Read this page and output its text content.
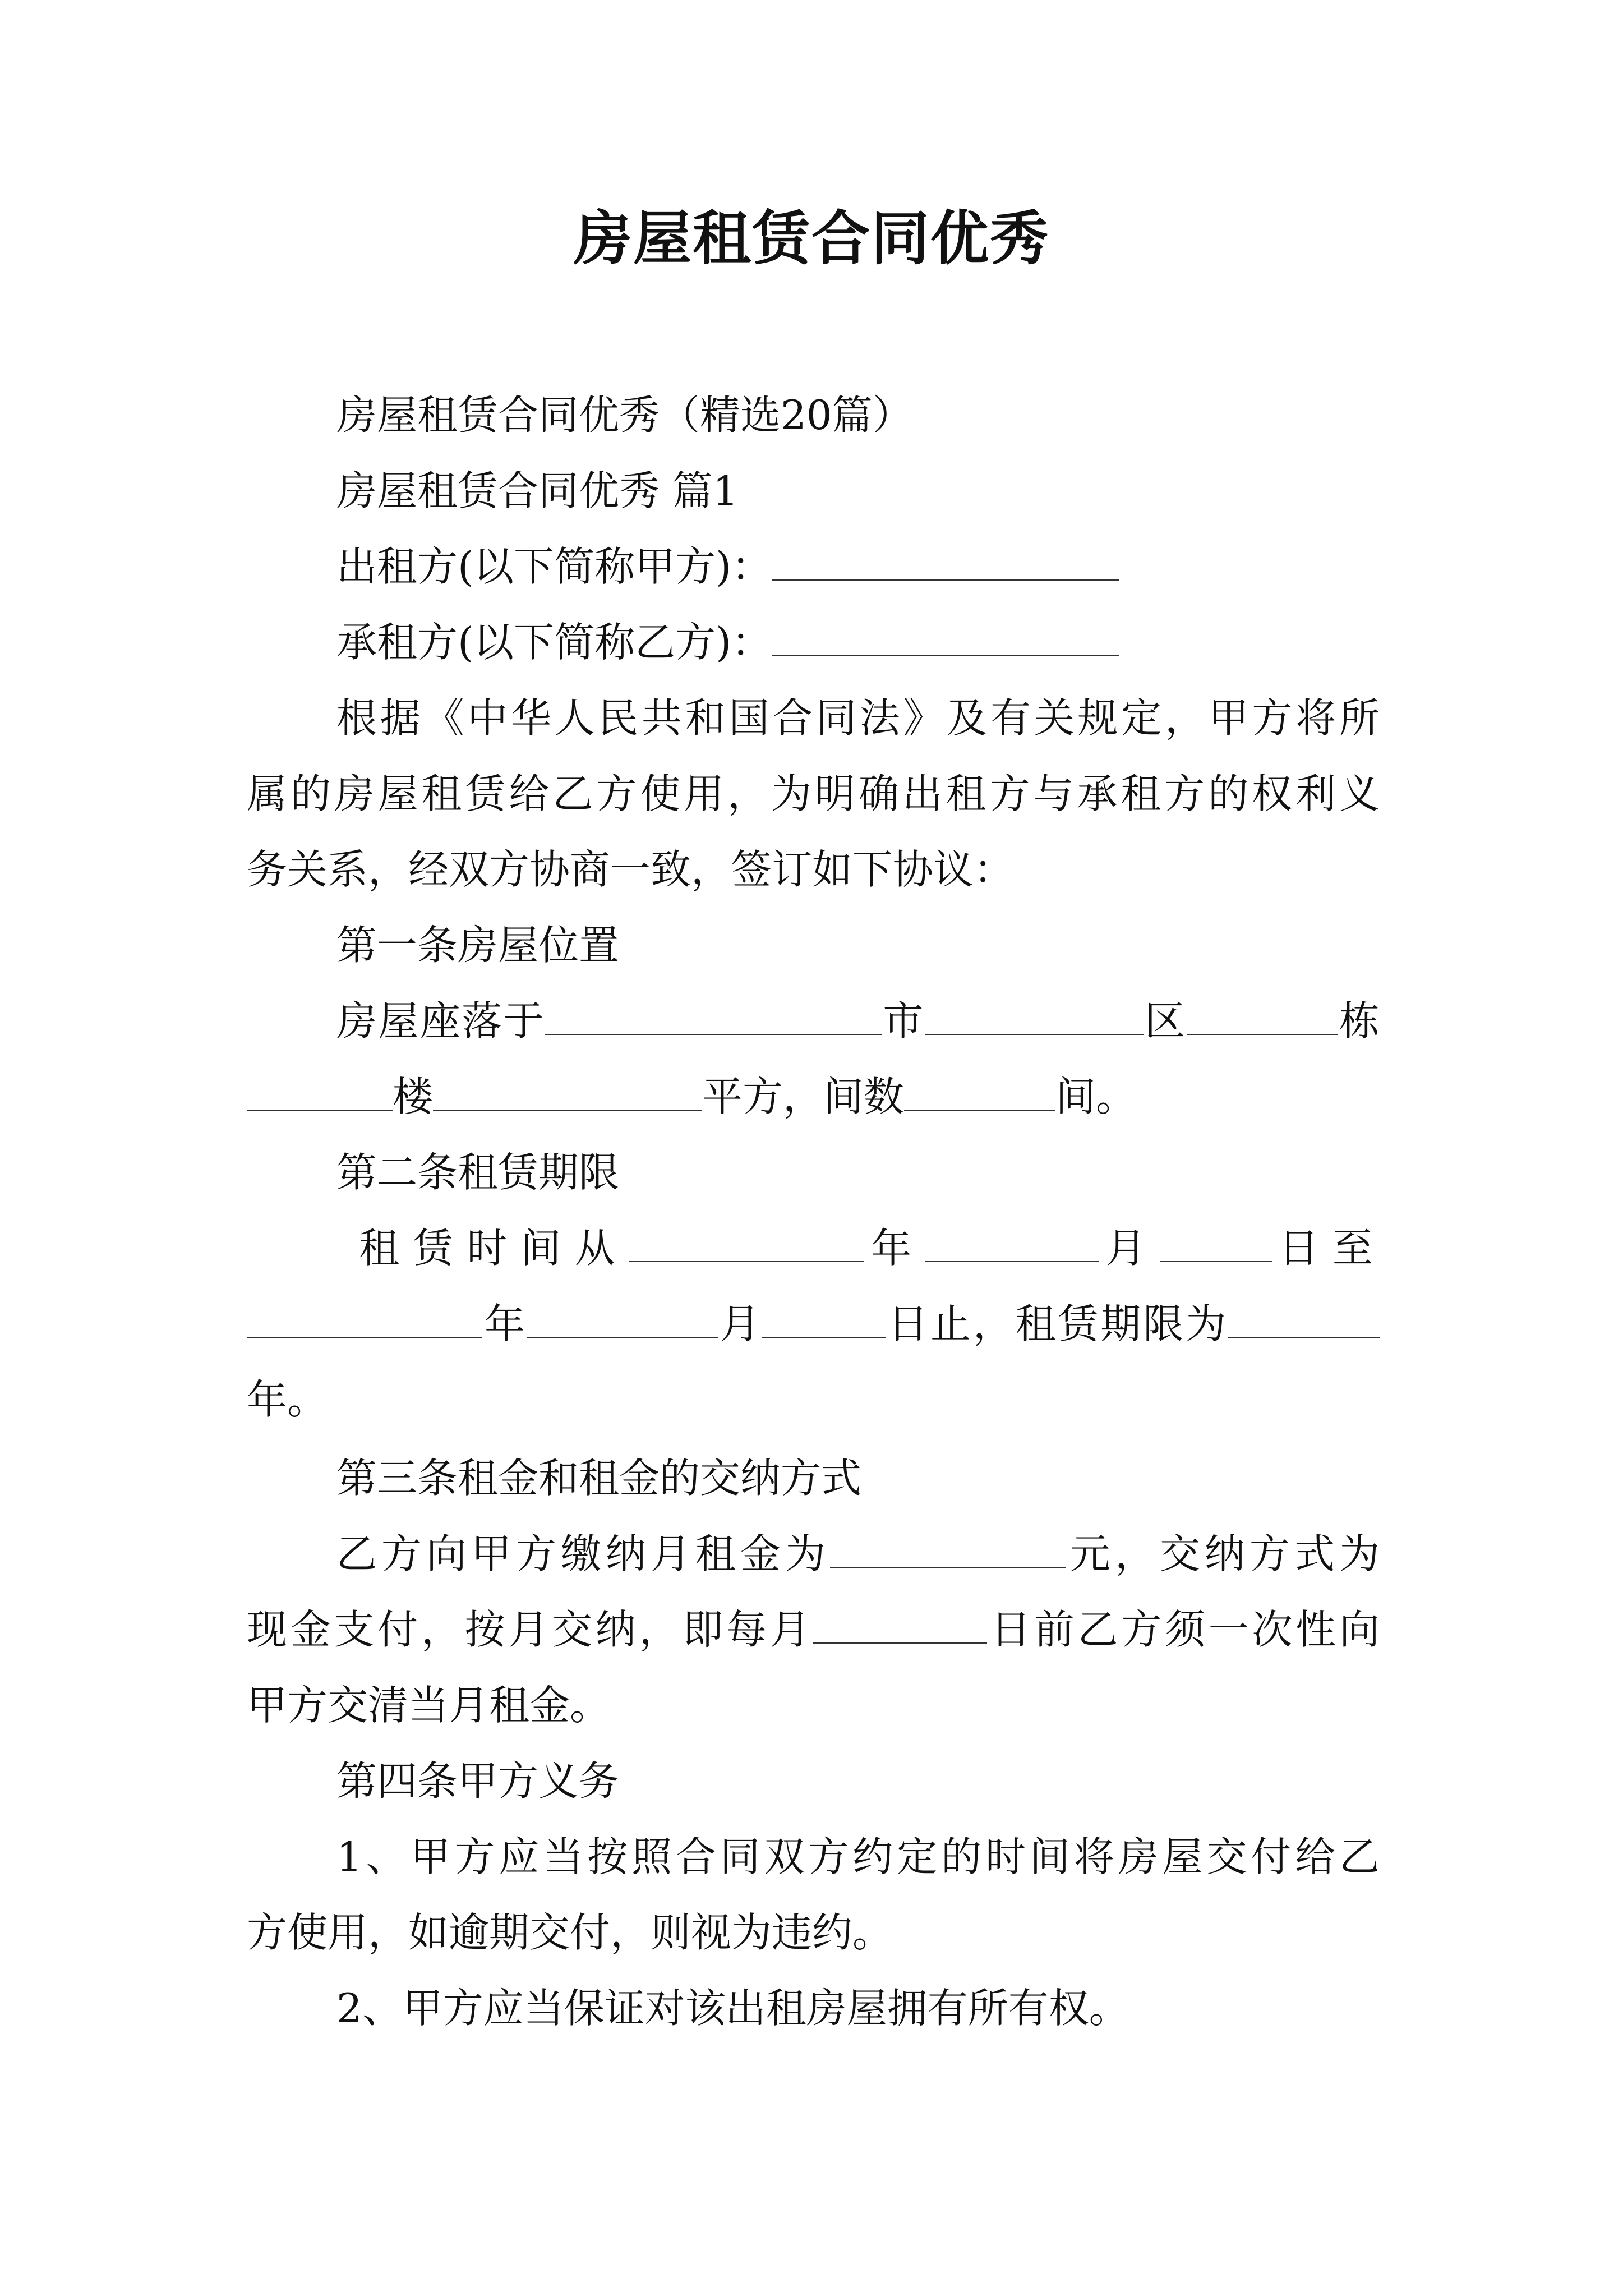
房屋租赁合同优秀
房屋租赁合同优秀（精选20篇）
房屋租赁合同优秀 篇1
出租方(以下简称甲方)：
承租方(以下简称乙方)：
根据《中华人民共和国合同法》及有关规定，甲方将所
属的房屋租赁给乙方使用，为明确出租方与承租方的权利义
务关系，经双方协商一致，签订如下协议：
第一条房屋位置
房屋座落于	市	区	栋
楼	平方，间数	间。
第二条租赁期限
租赁时间从	年	月	日至
年	月	日止，租赁期限为
年。
第三条租金和租金的交纳方式
乙方向甲方缴纳月租金为	元，交纳方式为
现金支付，按月交纳，即每月	日前乙方须一次性向
甲方交清当月租金。
第四条甲方义务
1、甲方应当按照合同双方约定的时间将房屋交付给乙
方使用，如逾期交付，则视为违约。
2、甲方应当保证对该出租房屋拥有所有权。
